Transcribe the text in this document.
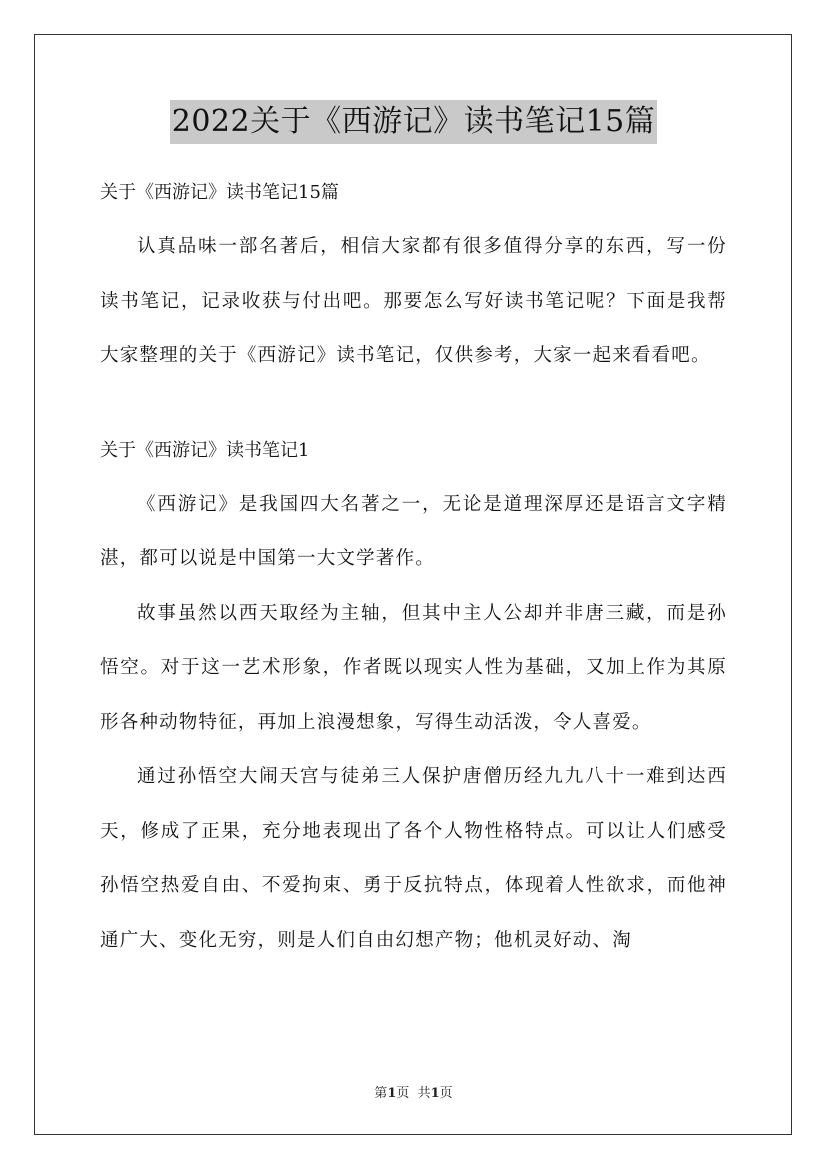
2022关于《西游记》读书笔记15篇

关于《西游记》读书笔记15篇

认真品味一部名著后，相信大家都有很多值得分享的东西，写一份读书笔记，记录收获与付出吧。那要怎么写好读书笔记呢？下面是我帮大家整理的关于《西游记》读书笔记，仅供参考，大家一起来看看吧。

关于《西游记》读书笔记1

《西游记》是我国四大名著之一，无论是道理深厚还是语言文字精湛，都可以说是中国第一大文学著作。

故事虽然以西天取经为主轴，但其中主人公却并非唐三藏，而是孙悟空。对于这一艺术形象，作者既以现实人性为基础，又加上作为其原形各种动物特征，再加上浪漫想象，写得生动活泼，令人喜爱。

通过孙悟空大闹天宫与徒弟三人保护唐僧历经九九八十一难到达西天，修成了正果，充分地表现出了各个人物性格特点。可以让人们感受孙悟空热爱自由、不爱拘束、勇于反抗特点，体现着人性欲求，而他神通广大、变化无穷，则是人们自由幻想产物；他机灵好动、淘

第1页  共1页
